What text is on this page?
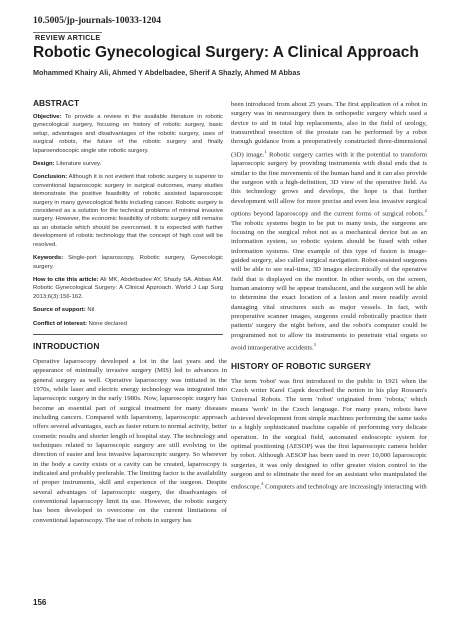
10.5005/jp-journals-10033-1204
REVIEW ARTICLE
Robotic Gynecological Surgery: A Clinical Approach
Mohammed Khairy Ali, Ahmed Y Abdelbadee, Sherif A Shazly, Ahmed M Abbas
ABSTRACT

Objective: To provide a review in the available literature in robotic gynecological surgery, focusing on history of robotic surgery, basic setup, advantages and disadvantages of the robotic surgery, uses of surgical robots, the future of the robotic surgery and finally laparoendoscopic single site robotic surgery.

Design: Literature survey.

Conclusion: Although it is not evident that robotic surgery is superior to conventional laparoscopic surgery in surgical outcomes, many studies demonstrate the positive feasibility of robotic assisted laparoscopic surgery in many gynecological fields including cancer. Robotic surgery is considered as a solution for the technical problems of minimal invasive surgery. However, the economic feasibility of robotic surgery still remains as an obstacle which should be overcomed. It is expected with further development of robotic technology that the concept of high cost will be resolved.

Keywords: Single-port laparoscopy, Robotic surgery, Gynecologic surgery.

How to cite this article: Ali MK, Abdelbadee AY, Shazly SA, Abbas AM. Robotic Gynecological Surgery: A Clinical Approach. World J Lap Surg 2013;6(3):156-162.

Source of support: Nil

Conflict of interest: None declared

INTRODUCTION

Operative laparoscopy developed a lot in the last years and the appearance of minimally invasive surgery (MIS) led to advances in general surgery as well. Operative laparoscopy was initiated in the 1970s, while laser and electric energy technology was integrated into laparoscopic surgery in the early 1980s. Now, laparoscopic surgery has become an essential part of surgical treatment for many diseases including cancers. Compared with laparotomy, laparoscopic approach offers several advantages, such as faster return to normal activity, better cosmetic results and shorter length of hospital stay. The technology and techniques related to laparoscopic surgery are still evolving to the direction of easier and less invasive laparoscopic surgery. So wherever in the body a cavity exists or a cavity can be created, laparoscopy is indicated and probably preferable. The limiting factor is the availability of proper instruments, skill and experience of the surgeon. Despite several advantages of laparoscopic surgery, the disadvantages of conventional laparoscopy limit its use. However, the robotic surgery has been developed to overcome on the current limitations of conventional laparoscopy. The use of robots in surgery has

been introduced from about 25 years. The first application of a robot in surgery was in neurosurgery then in orthopedic surgery which used a device to aid in total hip replacements, also in the field of urology, transurethral resection of the prostate can be performed by a robot through guidance from a preoperatively constructed three-dimensional (3D) image.$^1$ Robotic surgery carries with it the potential to transform laparoscopic surgery by providing instruments with distal ends that is similar to the fine movements of the human hand and it can also provide the surgeon with a high-definition, 3D view of the operative field. As this technology grows and develops, the hope is that further development will allow for more precise and even less invasive surgical options beyond laparoscopy and the current forms of surgical robots.$^2$ The robotic systems begin to be put to many tests, the surgeons are focusing on the surgical robot not as a mechanical device but as an information system, so robotic system should be fused with other information systems. One example of this type of fusion is image-guided surgery, also called surgical navigation. Robot-assisted surgeons will be able to see real-time, 3D images electronically of the operative field that is displayed on the monitor. In other words, on the screen, human anatomy will be appear translucent, and the surgeon will be able to determine the exact location of a lesion and more readily avoid damaging vital structures such as major vessels. In fact, with preoperative scanner images, surgeons could robotically practice their patients' surgery the night before, and the robot's computer could be programmed not to allow its instruments to penetrate vital organs so avoid intraoperative accidents.$^3$

HISTORY OF ROBOTIC SURGERY

The term 'robot' was first introduced to the public in 1921 when the Czech writer Karel Capek described the notion in his play Rossum's Universal Robots. The term 'robot' originated from 'robota,' which means 'work' in the Czech language. For many years, robots have achieved development from simple machines performing the same tasks to a highly sophisticated machine capable of performing very delicate operation. In the surgical field, automated endoscopic system for optimal positioning (AESOP) was the first laparoscopic camera holder by robot. Although AESOP has been used in over 10,000 laparoscopic surgeries, it was only designed to offer greater vision control to the surgeon and to eliminate the need for an assistant who manipulated the endoscope.$^4$ Computers and technology are increasingly interacting with

156
